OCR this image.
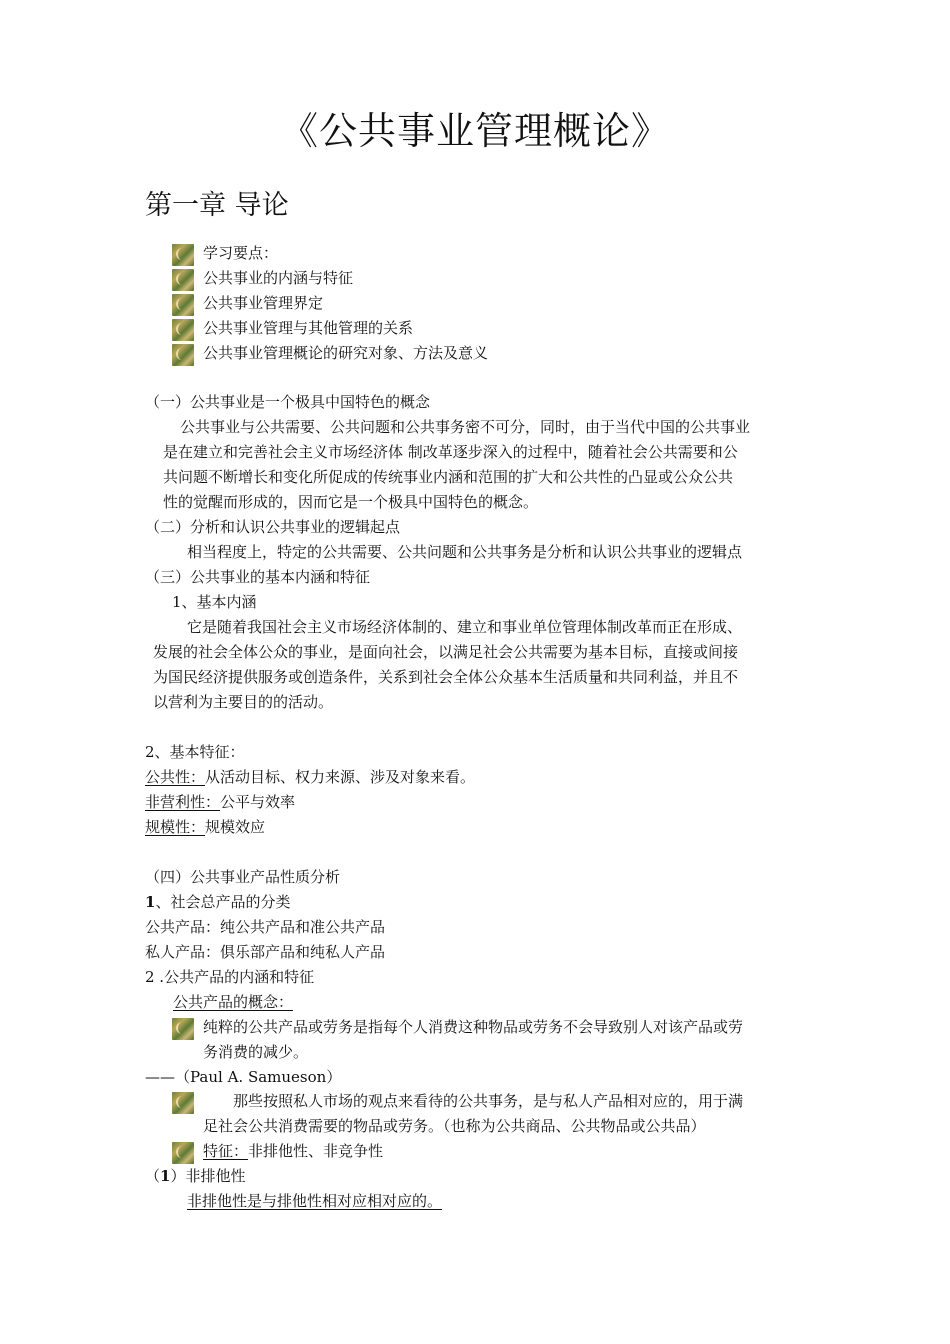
《公共事业管理概论》
第一章 导论
学习要点：
公共事业的内涵与特征
公共事业管理界定
公共事业管理与其他管理的关系
公共事业管理概论的研究对象、方法及意义
（一）公共事业是一个极具中国特色的概念
公共事业与公共需要、公共问题和公共事务密不可分，同时，由于当代中国的公共事业
是在建立和完善社会主义市场经济体 制改革逐步深入的过程中，随着社会公共需要和公
共问题不断增长和变化所促成的传统事业内涵和范围的扩大和公共性的凸显或公众公共
性的觉醒而形成的，因而它是一个极具中国特色的概念。
（二）分析和认识公共事业的逻辑起点
相当程度上，特定的公共需要、公共问题和公共事务是分析和认识公共事业的逻辑点
（三）公共事业的基本内涵和特征
1、基本内涵
它是随着我国社会主义市场经济体制的、建立和事业单位管理体制改革而正在形成、
发展的社会全体公众的事业，是面向社会，以满足社会公共需要为基本目标，直接或间接
为国民经济提供服务或创造条件，关系到社会全体公众基本生活质量和共同利益，并且不
以营利为主要目的的活动。
2、基本特征：
公共性：从活动目标、权力来源、涉及对象来看。
非营利性：公平与效率
规模性：规模效应
（四）公共事业产品性质分析
1、社会总产品的分类
公共产品：纯公共产品和准公共产品
私人产品：俱乐部产品和纯私人产品
2 .公共产品的内涵和特征
公共产品的概念：
纯粹的公共产品或劳务是指每个人消费这种物品或劳务不会导致别人对该产品或劳
务消费的减少。
——（Paul A. Samueson）
那些按照私人市场的观点来看待的公共事务，是与私人产品相对应的，用于满
足社会公共消费需要的物品或劳务。（也称为公共商品、公共物品或公共品）
特征：非排他性、非竞争性
（1）非排他性
非排他性是与排他性相对应相对应的。
